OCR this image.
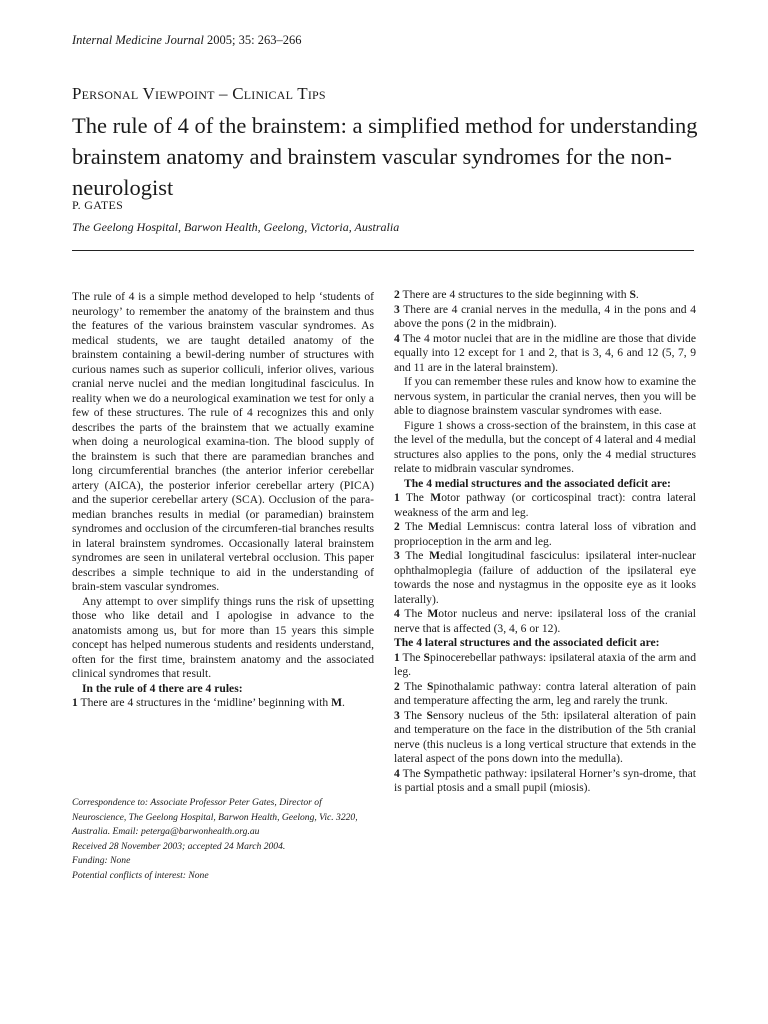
Internal Medicine Journal 2005; 35: 263–266
Personal Viewpoint – Clinical Tips
The rule of 4 of the brainstem: a simplified method for understanding brainstem anatomy and brainstem vascular syndromes for the non-neurologist
P. GATES
The Geelong Hospital, Barwon Health, Geelong, Victoria, Australia

The rule of 4 is a simple method developed to help ‘students of neurology’ to remember the anatomy of the brainstem and thus the features of the various brainstem vascular syndromes. As medical students, we are taught detailed anatomy of the brainstem containing a bewil-dering number of structures with curious names such as superior colliculi, inferior olives, various cranial nerve nuclei and the median longitudinal fasciculus. In reality when we do a neurological examination we test for only a few of these structures. The rule of 4 recognizes this and only describes the parts of the brainstem that we actually examine when doing a neurological examina-tion. The blood supply of the brainstem is such that there are paramedian branches and long circumferential branches (the anterior inferior cerebellar artery (AICA), the posterior inferior cerebellar artery (PICA) and the superior cerebellar artery (SCA). Occlusion of the para-median branches results in medial (or paramedian) brainstem syndromes and occlusion of the circumferen-tial branches results in lateral brainstem syndromes. Occasionally lateral brainstem syndromes are seen in unilateral vertebral occlusion. This paper describes a simple technique to aid in the understanding of brain-stem vascular syndromes.

Any attempt to over simplify things runs the risk of upsetting those who like detail and I apologise in advance to the anatomists among us, but for more than 15 years this simple concept has helped numerous students and residents understand, often for the first time, brainstem anatomy and the associated clinical syndromes that result.

In the rule of 4 there are 4 rules:

1 There are 4 structures in the ‘midline’ beginning with M.

Correspondence to: Associate Professor Peter Gates, Director of Neuroscience, The Geelong Hospital, Barwon Health, Geelong, Vic. 3220, Australia. Email: peterga@barwonhealth.org.au

Received 28 November 2003; accepted 24 March 2004.

Funding: None

Potential conflicts of interest: None

2 There are 4 structures to the side beginning with S.

3 There are 4 cranial nerves in the medulla, 4 in the pons and 4 above the pons (2 in the midbrain).

4 The 4 motor nuclei that are in the midline are those that divide equally into 12 except for 1 and 2, that is 3, 4, 6 and 12 (5, 7, 9 and 11 are in the lateral brainstem).

If you can remember these rules and know how to examine the nervous system, in particular the cranial nerves, then you will be able to diagnose brainstem vascular syndromes with ease.

Figure 1 shows a cross-section of the brainstem, in this case at the level of the medulla, but the concept of 4 lateral and 4 medial structures also applies to the pons, only the 4 medial structures relate to midbrain vascular syndromes.

The 4 medial structures and the associated deficit are:

1 The Motor pathway (or corticospinal tract): contra lateral weakness of the arm and leg.

2 The Medial Lemniscus: contra lateral loss of vibration and proprioception in the arm and leg.

3 The Medial longitudinal fasciculus: ipsilateral inter-nuclear ophthalmoplegia (failure of adduction of the ipsilateral eye towards the nose and nystagmus in the opposite eye as it looks laterally).

4 The Motor nucleus and nerve: ipsilateral loss of the cranial nerve that is affected (3, 4, 6 or 12).

The 4 lateral structures and the associated deficit are:

1 The Spinocerebellar pathways: ipsilateral ataxia of the arm and leg.

2 The Spinothalamic pathway: contra lateral alteration of pain and temperature affecting the arm, leg and rarely the trunk.

3 The Sensory nucleus of the 5th: ipsilateral alteration of pain and temperature on the face in the distribution of the 5th cranial nerve (this nucleus is a long vertical structure that extends in the lateral aspect of the pons down into the medulla).

4 The Sympathetic pathway: ipsilateral Horner’s syn-drome, that is partial ptosis and a small pupil (miosis).
